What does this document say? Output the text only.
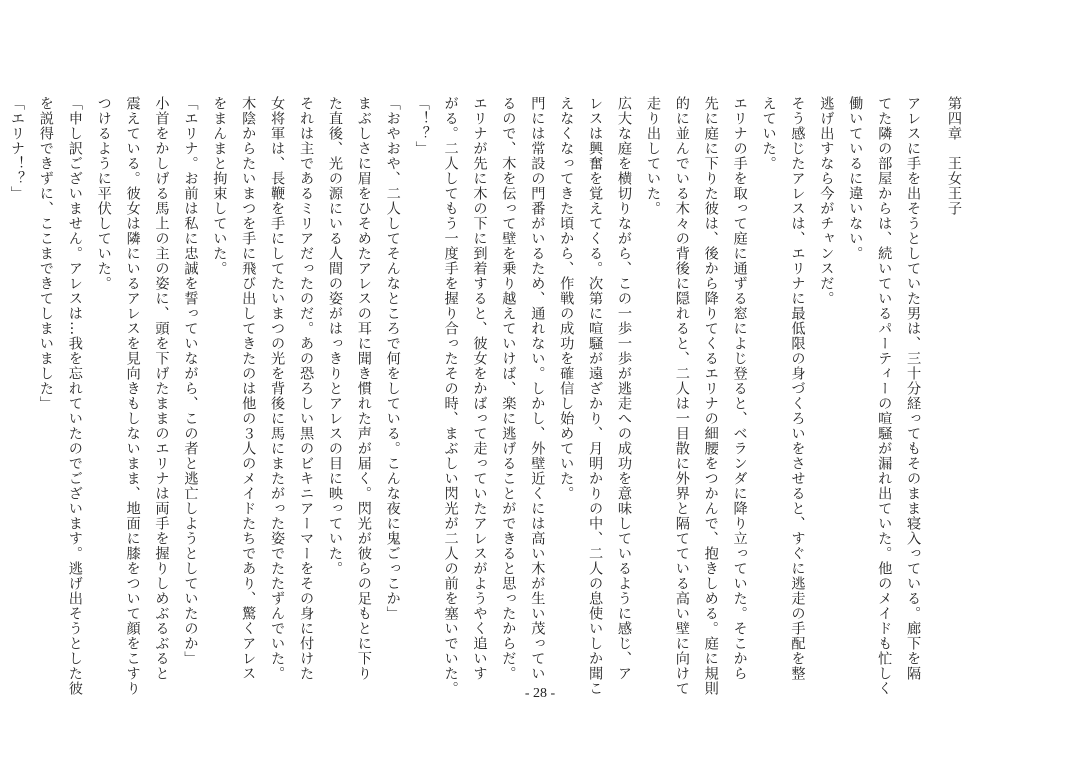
第四章　王女王子
アレスに手を出そうとしていた男は、三十分経ってもそのまま寝入っている。廊下を隔
てた隣の部屋からは、続いているパーティーの喧騒が漏れ出ていた。他のメイドも忙しく
働いているに違いない。
逃げ出すなら今がチャンスだ。
そう感じたアレスは、エリナに最低限の身づくろいをさせると、すぐに逃走の手配を整
えていた。
エリナの手を取って庭に通ずる窓によじ登ると、ベランダに降り立っていた。そこから
先に庭に下りた彼は、後から降りてくるエリナの細腰をつかんで、抱きしめる。庭に規則
的に並んでいる木々の背後に隠れると、二人は一目散に外界と隔てている高い壁に向けて
走り出していた。
広大な庭を横切りながら、この一歩一歩が逃走への成功を意味しているように感じ、ア
レスは興奮を覚えてくる。次第に喧騒が遠ざかり、月明かりの中、二人の息使いしか聞こ
えなくなってきた頃から、作戦の成功を確信し始めていた。
門には常設の門番がいるため、通れない。しかし、外壁近くには高い木が生い茂ってい
るので、木を伝って壁を乗り越えていけば、楽に逃げることができると思ったからだ。
エリナが先に木の下に到着すると、彼女をかばって走っていたアレスがようやく追いす
がる。二人してもう一度手を握り合ったその時、まぶしい閃光が二人の前を塞いでいた。
「！？」
「おやおや、二人してそんなところで何をしている。こんな夜に鬼ごっこか」
まぶしさに眉をひそめたアレスの耳に聞き慣れた声が届く。閃光が彼らの足もとに下り
た直後、光の源にいる人間の姿がはっきりとアレスの目に映っていた。
それは主であるミリアだったのだ。あの恐ろしい黒のビキニアーマーをその身に付けた
女将軍は、長鞭を手にしてたいまつの光を背後に馬にまたがった姿でたたずんでいた。
木陰からたいまつを手に飛び出してきたのは他の３人のメイドたちであり、驚くアレス
をまんまと拘束していた。
「エリナ。お前は私に忠誠を誓っていながら、この者と逃亡しようとしていたのか」
小首をかしげる馬上の主の姿に、頭を下げたままのエリナは両手を握りしめぶるぶると
震えている。彼女は隣にいるアレスを見向きもしないまま、地面に膝をついて顔をこすり
つけるように平伏していた。
「申し訳ございません。アレスは…我を忘れていたのでございます。逃げ出そうとした彼
を説得できずに、ここまできてしまいました」
「エリナ！？」
- 28 -
